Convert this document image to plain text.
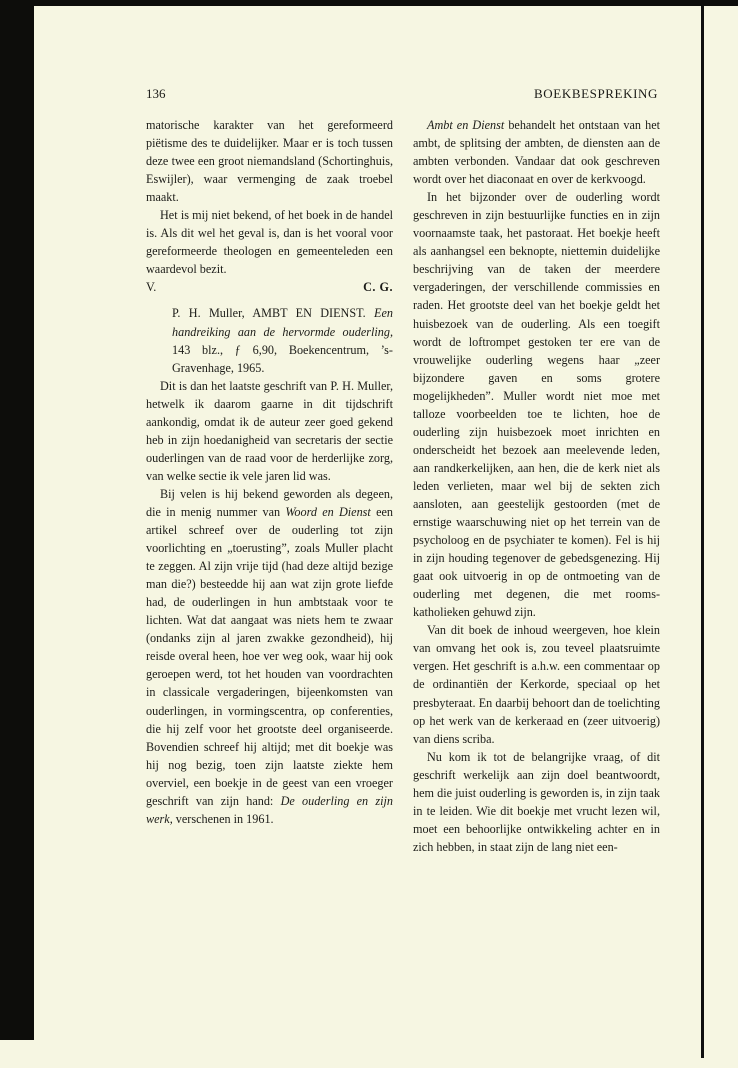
136	BOEKBESPREKING

matorische karakter van het gereformeerd piëtisme des te duidelijker. Maar er is toch tussen deze twee een groot niemandsland (Schortinghuis, Eswijler), waar vermenging de zaak troebel maakt.

Het is mij niet bekend, of het boek in de handel is. Als dit wel het geval is, dan is het vooral voor gereformeerde theologen en gemeenteleden een waardevol bezit.

V.	C. G.

P. H. Muller, AMBT EN DIENST. Een handreiking aan de hervormde ouderling, 143 blz., ƒ 6,90, Boekencentrum, ’s-Gravenhage, 1965.

Dit is dan het laatste geschrift van P. H. Muller, hetwelk ik daarom gaarne in dit tijdschrift aankondig, omdat ik de auteur zeer goed gekend heb in zijn hoedanigheid van secretaris der sectie ouderlingen van de raad voor de herderlijke zorg, van welke sectie ik vele jaren lid was.

Bij velen is hij bekend geworden als degeen, die in menig nummer van Woord en Dienst een artikel schreef over de ouderling tot zijn voorlichting en „toerusting”, zoals Muller placht te zeggen. Al zijn vrije tijd (had deze altijd bezige man die?) besteedde hij aan wat zijn grote liefde had, de ouderlingen in hun ambtstaak voor te lichten. Wat dat aangaat was niets hem te zwaar (ondanks zijn al jaren zwakke gezondheid), hij reisde overal heen, hoe ver weg ook, waar hij ook geroepen werd, tot het houden van voordrachten in classicale vergaderingen, bijeenkomsten van ouderlingen, in vormingscentra, op conferenties, die hij zelf voor het grootste deel organiseerde. Bovendien schreef hij altijd; met dit boekje was hij nog bezig, toen zijn laatste ziekte hem overviel, een boekje in de geest van een vroeger geschrift van zijn hand: De ouderling en zijn werk, verschenen in 1961.

Ambt en Dienst behandelt het ontstaan van het ambt, de splitsing der ambten, de diensten aan de ambten verbonden. Vandaar dat ook geschreven wordt over het diaconaat en over de kerkvoogd.

In het bijzonder over de ouderling wordt geschreven in zijn bestuurlijke functies en in zijn voornaamste taak, het pastoraat. Het boekje heeft als aanhangsel een beknopte, niettemin duidelijke beschrijving van de taken der meerdere vergaderingen, der verschillende commissies en raden. Het grootste deel van het boekje geldt het huisbezoek van de ouderling. Als een toegift wordt de loftrompet gestoken ter ere van de vrouwelijke ouderling wegens haar „zeer bijzondere gaven en soms grotere mogelijkheden”. Muller wordt niet moe met talloze voorbeelden toe te lichten, hoe de ouderling zijn huisbezoek moet inrichten en onderscheidt het bezoek aan meelevende leden, aan randkerkelijken, aan hen, die de kerk niet als leden verlieten, maar wel bij de sekten zich aansloten, aan geestelijk gestoorden (met de ernstige waarschuwing niet op het terrein van de psycholoog en de psychiater te komen). Fel is hij in zijn houding tegenover de gebedsgenezing. Hij gaat ook uitvoerig in op de ontmoeting van de ouderling met degenen, die met rooms-katholieken gehuwd zijn.

Van dit boek de inhoud weergeven, hoe klein van omvang het ook is, zou teveel plaatsruimte vergen. Het geschrift is a.h.w. een commentaar op de ordinantiën der Kerkorde, speciaal op het presbyteraat. En daarbij behoort dan de toelichting op het werk van de kerkeraad en (zeer uitvoerig) van diens scriba.

Nu kom ik tot de belangrijke vraag, of dit geschrift werkelijk aan zijn doel beantwoordt, hem die juist ouderling is geworden is, in zijn taak in te leiden. Wie dit boekje met vrucht lezen wil, moet een behoorlijke ontwikkeling achter en in zich hebben, in staat zijn de lang niet een-
